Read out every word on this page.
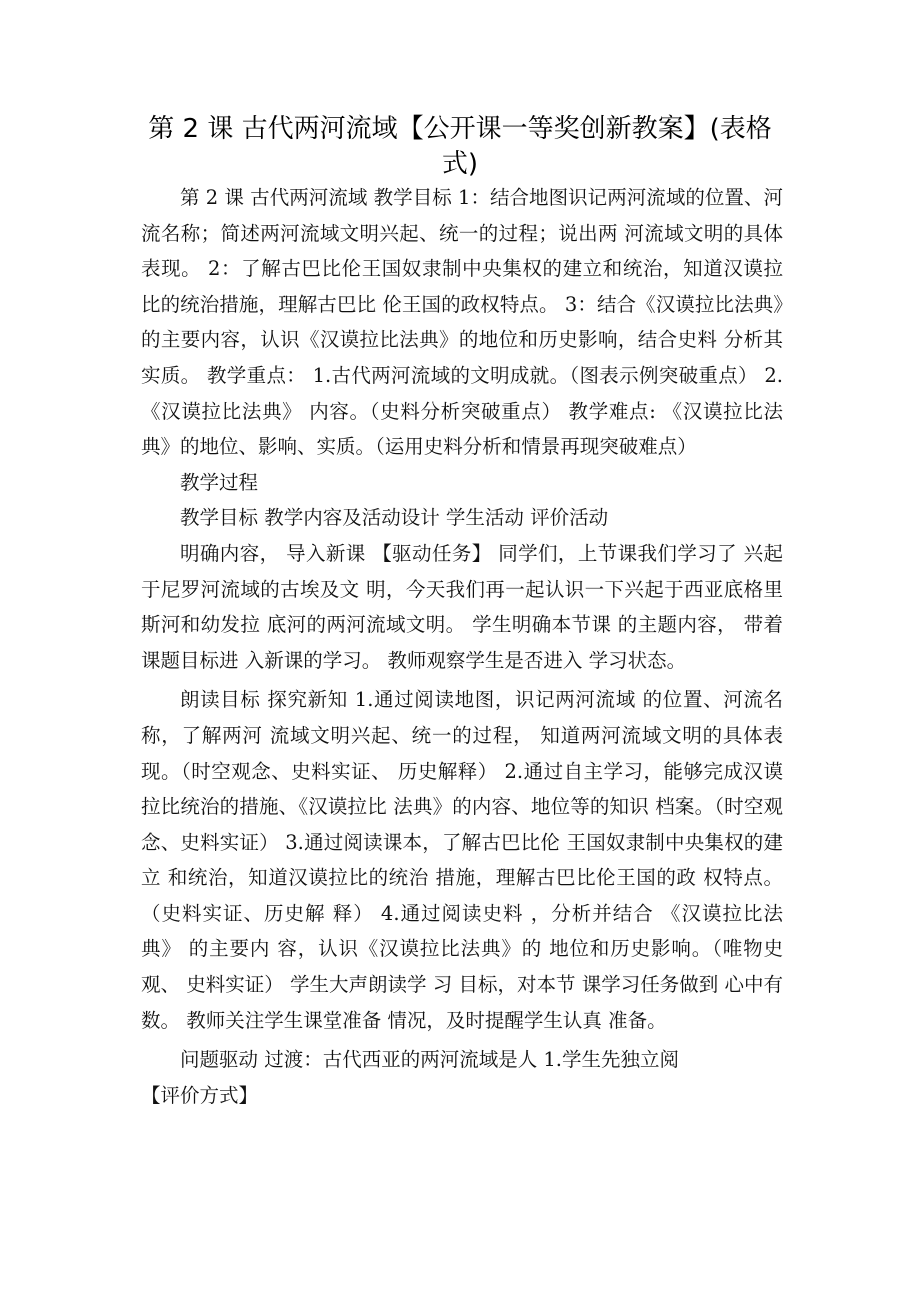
第 2 课 古代两河流域【公开课一等奖创新教案】(表格式)

第 2 课 古代两河流域 教学目标 1：结合地图识记两河流域的位置、河流名称；简述两河流域文明兴起、统一的过程；说出两 河流域文明的具体表现。 2：了解古巴比伦王国奴隶制中央集权的建立和统治，知道汉谟拉比的统治措施，理解古巴比 伦王国的政权特点。 3：结合《汉谟拉比法典》的主要内容，认识《汉谟拉比法典》的地位和历史影响，结合史料 分析其实质。 教学重点： 1.古代两河流域的文明成就。（图表示例突破重点） 2.《汉谟拉比法典》 内容。（史料分析突破重点） 教学难点: 《汉谟拉比法典》的地位、影响、实质。（运用史料分析和情景再现突破难点）

教学过程

教学目标 教学内容及活动设计 学生活动 评价活动

明确内容， 导入新课 【驱动任务】 同学们，上节课我们学习了 兴起于尼罗河流域的古埃及文 明，今天我们再一起认识一下兴起于西亚底格里斯河和幼发拉 底河的两河流域文明。 学生明确本节课 的主题内容， 带着课题目标进 入新课的学习。 教师观察学生是否进入 学习状态。

朗读目标 探究新知 1.通过阅读地图，识记两河流域 的位置、河流名称，了解两河 流域文明兴起、统一的过程， 知道两河流域文明的具体表 现。（时空观念、史料实证、 历史解释） 2.通过自主学习，能够完成汉谟 拉比统治的措施、《汉谟拉比 法典》的内容、地位等的知识 档案。（时空观念、史料实证） 3.通过阅读课本，了解古巴比伦 王国奴隶制中央集权的建立 和统治，知道汉谟拉比的统治 措施，理解古巴比伦王国的政 权特点。（史料实证、历史解 释） 4.通过阅读史料 ，分析并结合 《汉谟拉比法典》 的主要内 容，认识《汉谟拉比法典》的 地位和历史影响。（唯物史观、 史料实证） 学生大声朗读学 习 目标，对本节 课学习任务做到 心中有数。 教师关注学生课堂准备 情况，及时提醒学生认真 准备。

问题驱动 过渡：古代西亚的两河流域是人 1.学生先独立阅

【评价方式】
